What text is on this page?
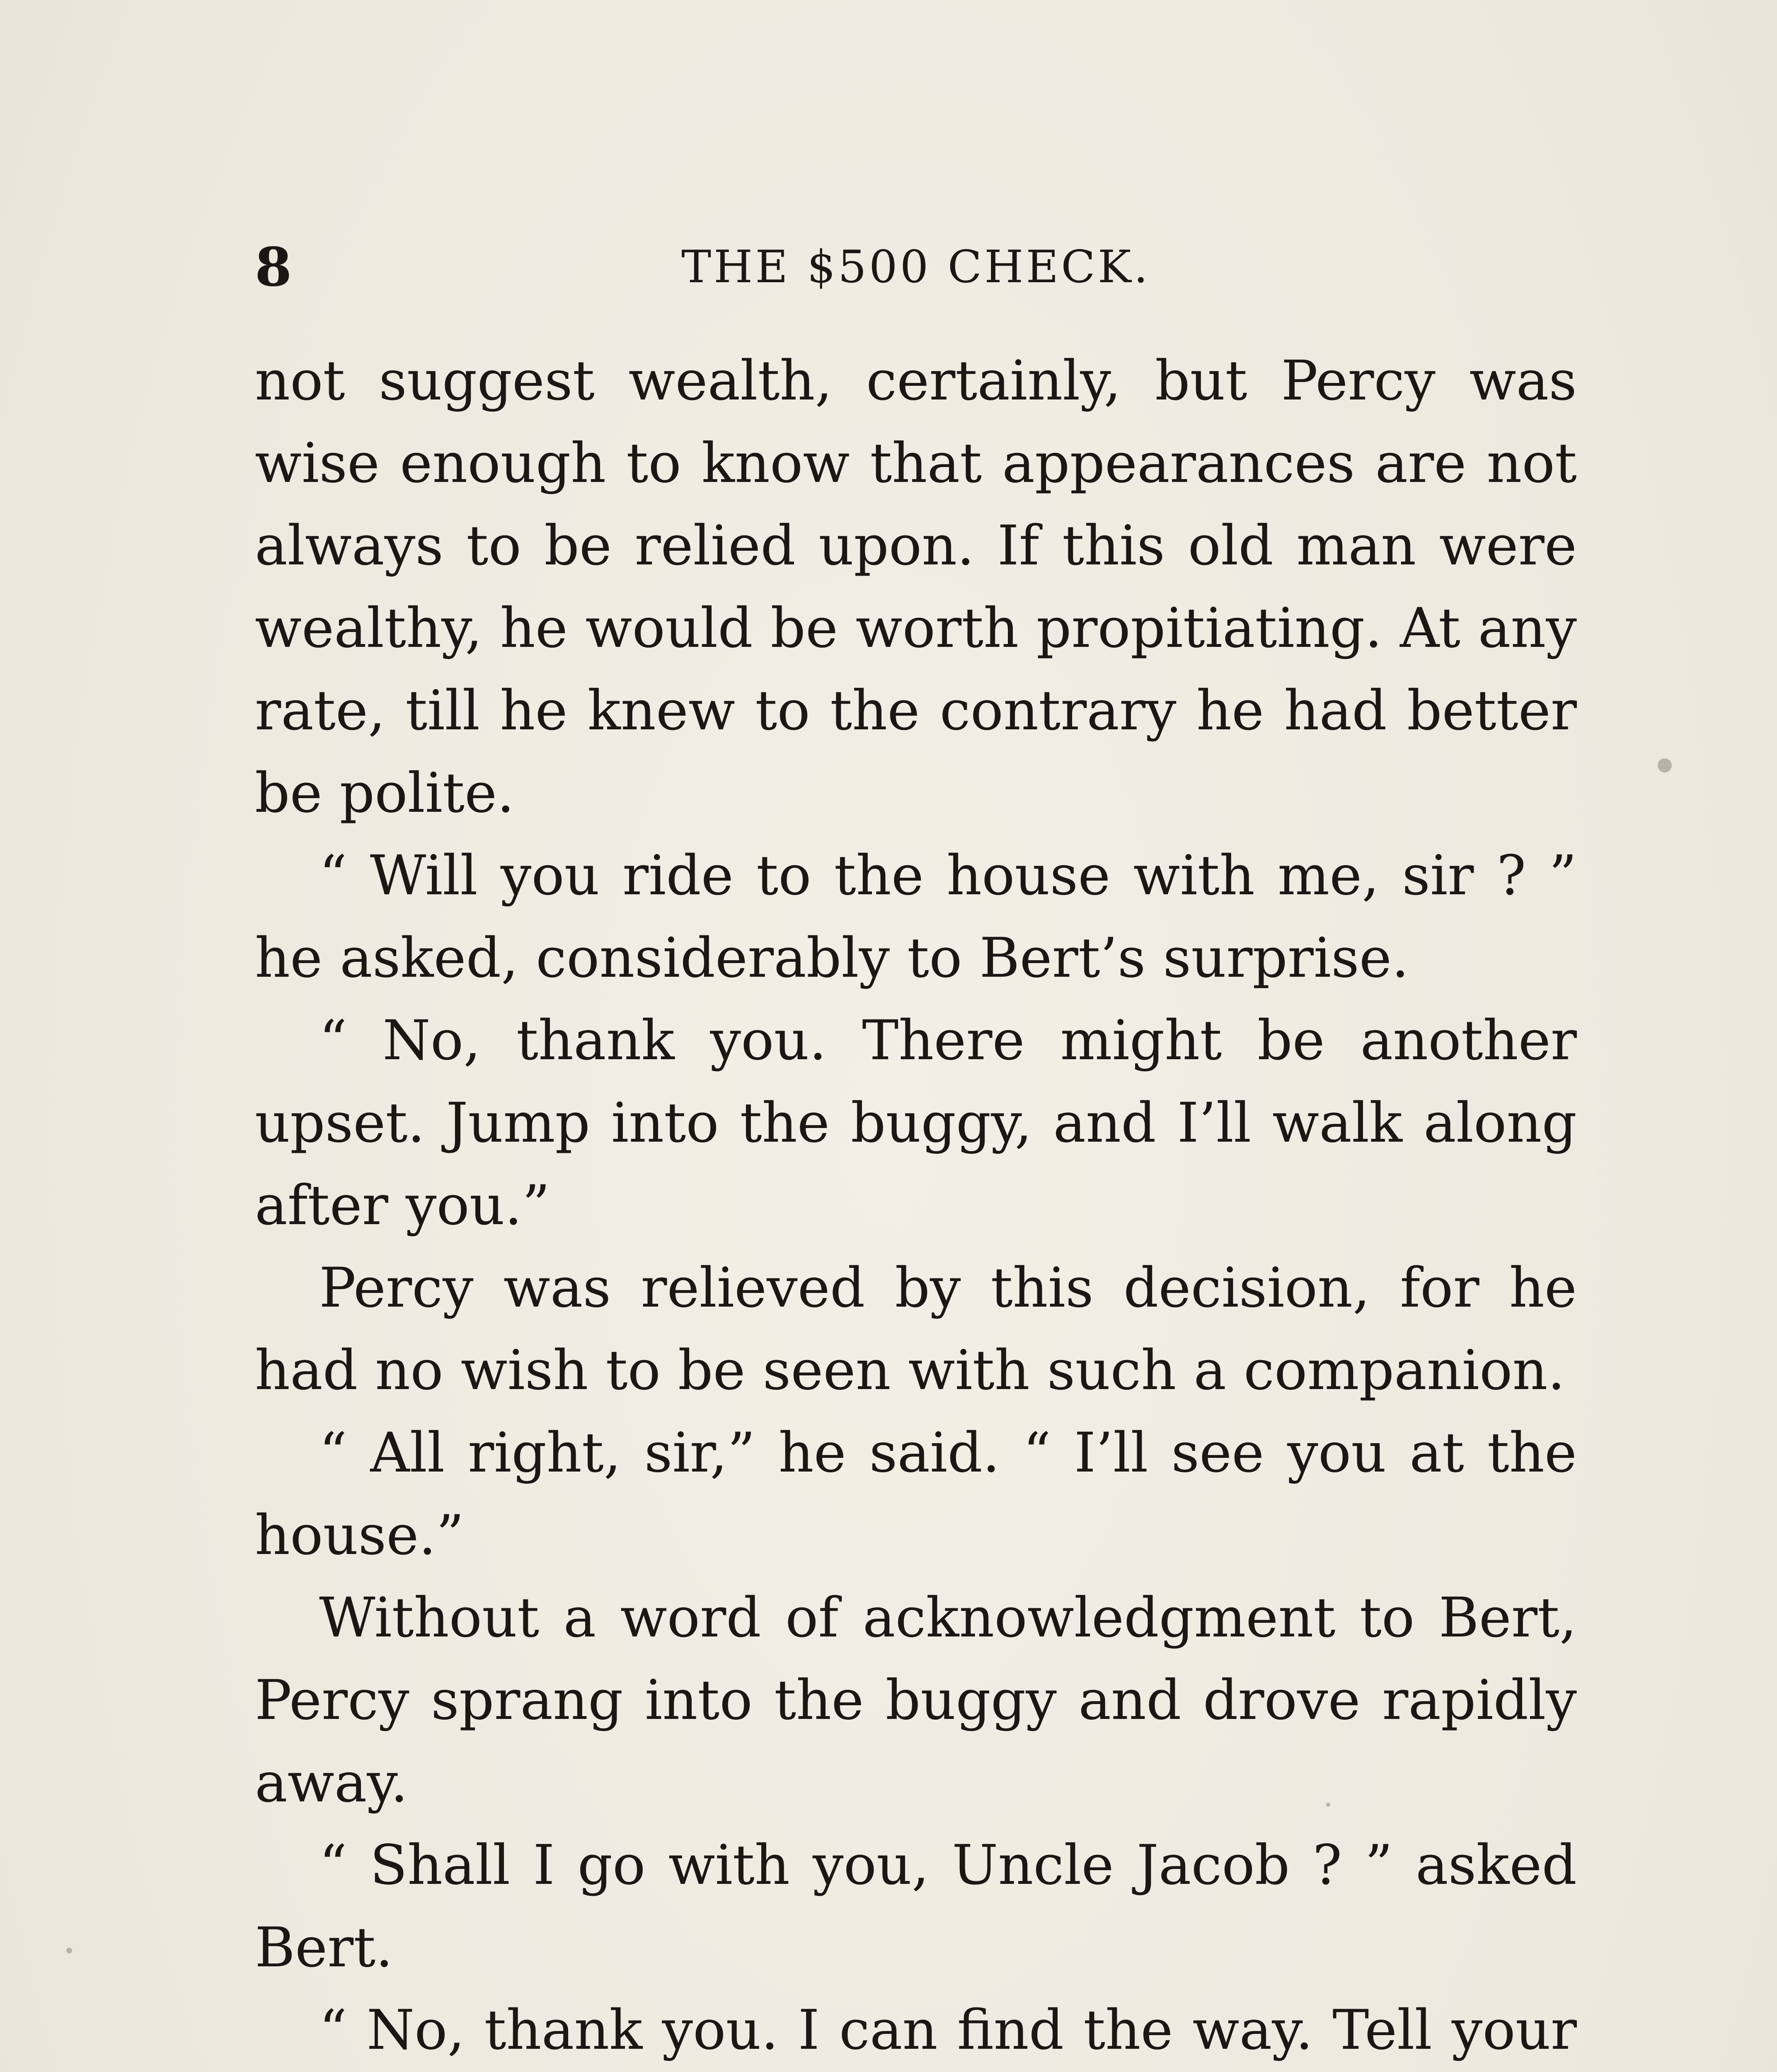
8	THE $500 CHECK.

not suggest wealth, certainly, but Percy was wise enough to know that appearances are not always to be relied upon. If this old man were wealthy, he would be worth propitiating. At any rate, till he knew to the contrary he had better be polite.

“ Will you ride to the house with me, sir ? ” he asked, considerably to Bert’s surprise.

“ No, thank you. There might be another upset. Jump into the buggy, and I’ll walk along after you.”

Percy was relieved by this decision, for he had no wish to be seen with such a companion.

“ All right, sir,” he said. “ I’ll see you at the house.”

Without a word of acknowledgment to Bert, Percy sprang into the buggy and drove rapidly away.

“ Shall I go with you, Uncle Jacob ? ” asked Bert.

“ No, thank you. I can find the way. Tell your
